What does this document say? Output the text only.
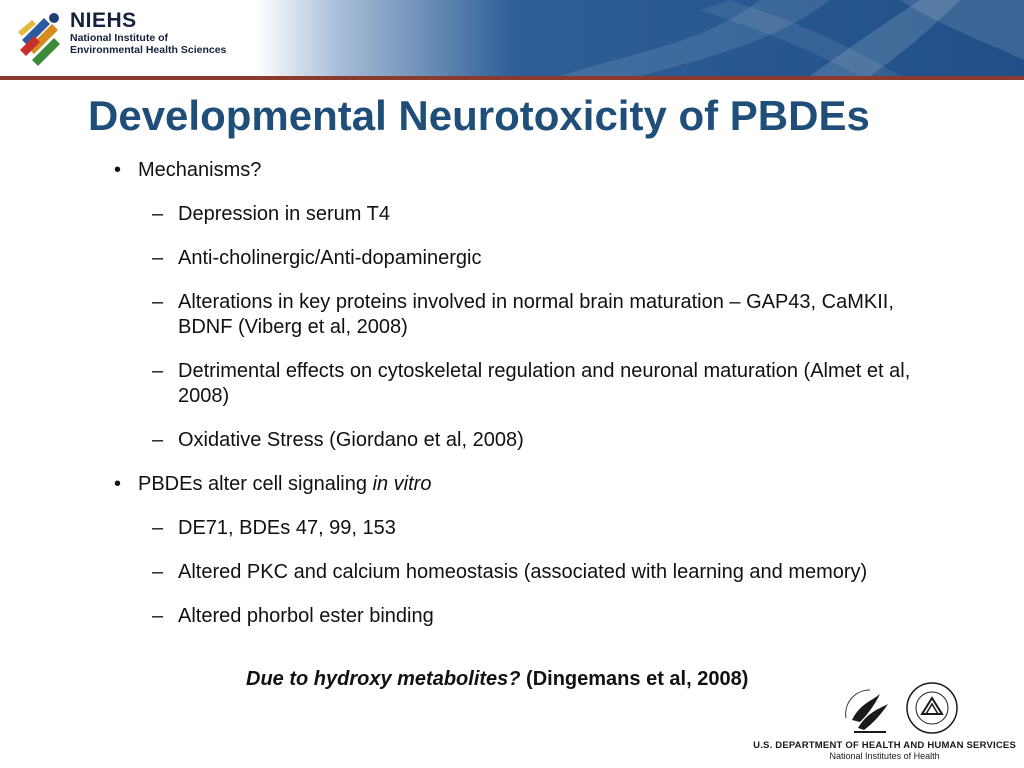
NIEHS
National Institute of
Environmental Health Sciences
Developmental Neurotoxicity of PBDEs
• Mechanisms?
– Depression in serum T4
– Anti-cholinergic/Anti-dopaminergic
– Alterations in key proteins involved in normal brain maturation – GAP43, CaMKII, BDNF (Viberg et al, 2008)
– Detrimental effects on cytoskeletal regulation and neuronal maturation (Almet et al, 2008)
– Oxidative Stress (Giordano et al, 2008)
• PBDEs alter cell signaling in vitro
– DE71, BDEs 47, 99, 153
– Altered PKC and calcium homeostasis (associated with learning and memory)
– Altered phorbol ester binding
Due to hydroxy metabolites? (Dingemans et al, 2008)
U.S. DEPARTMENT OF HEALTH AND HUMAN SERVICES
National Institutes of Health
